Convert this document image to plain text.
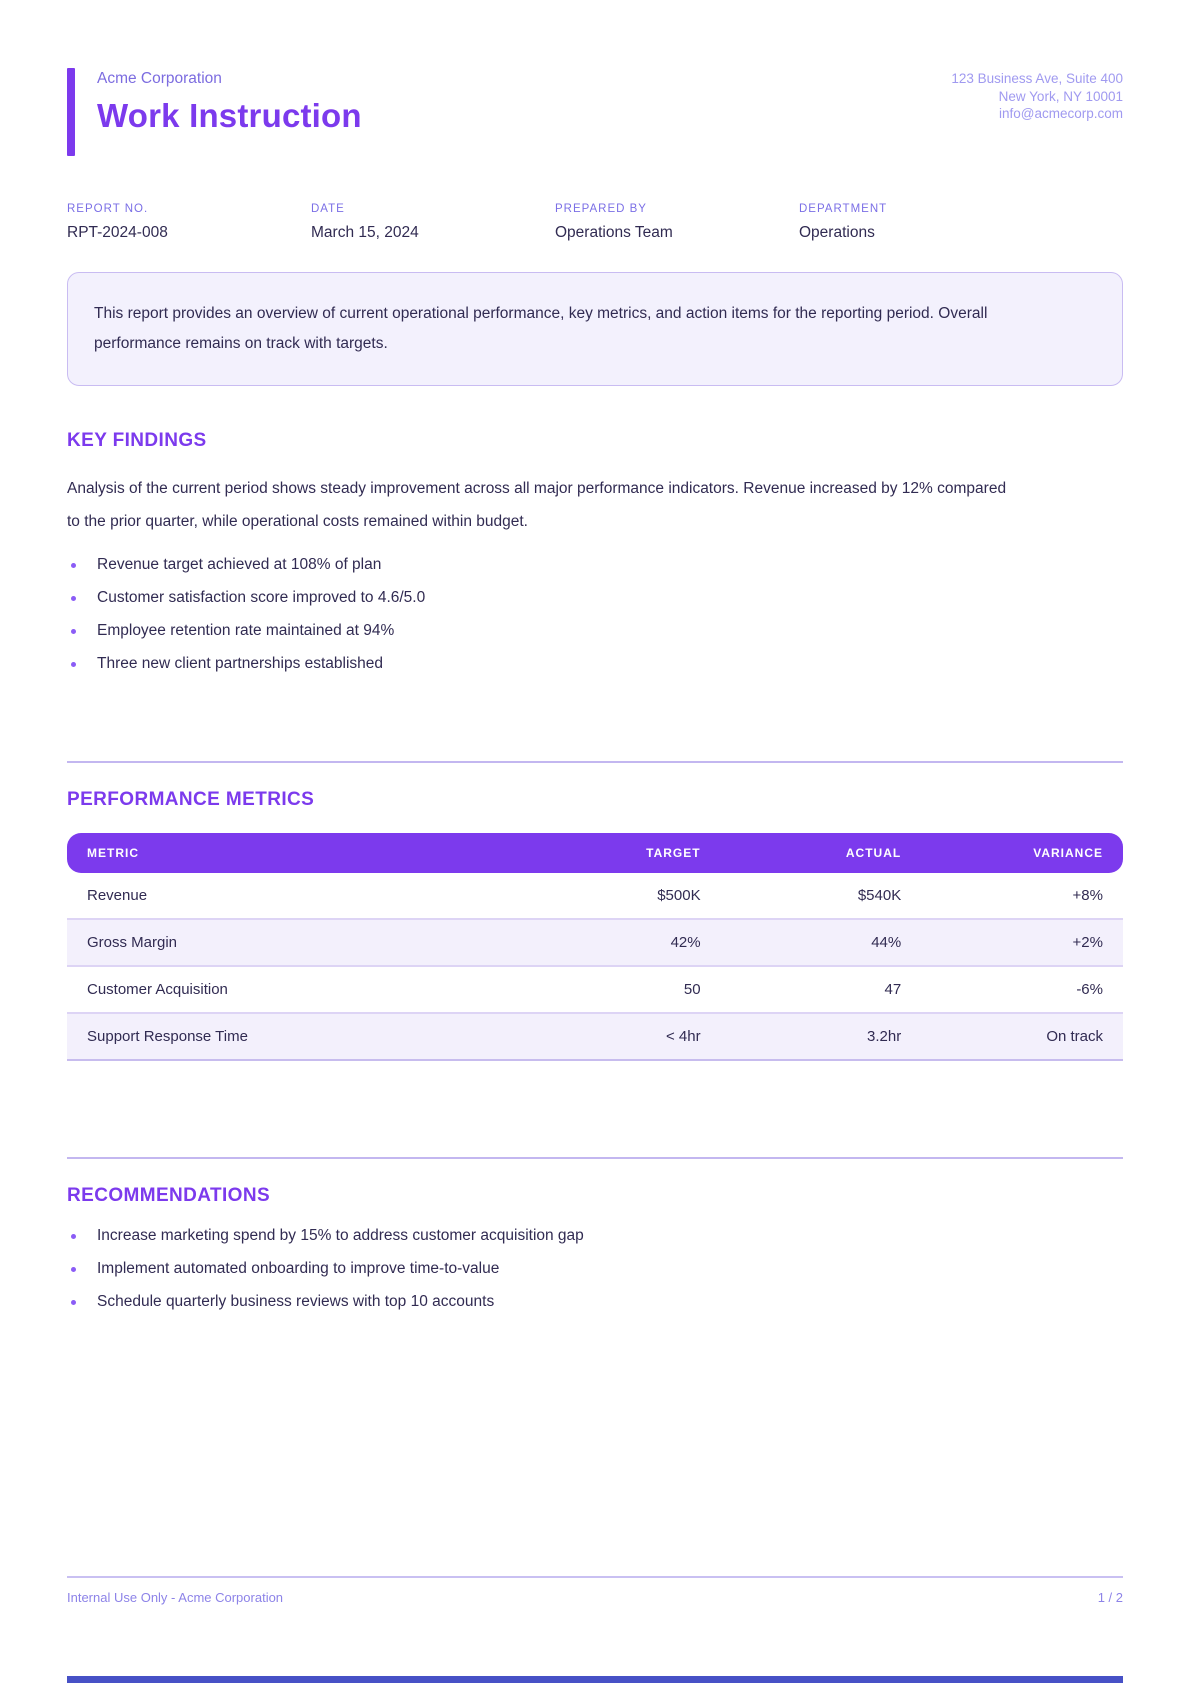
Acme Corporation
Work Instruction
123 Business Ave, Suite 400
New York, NY 10001
info@acmecorp.com
REPORT NO.
RPT-2024-008
DATE
March 15, 2024
PREPARED BY
Operations Team
DEPARTMENT
Operations

This report provides an overview of current operational performance, key metrics, and action items for the reporting period. Overall performance remains on track with targets.

KEY FINDINGS

Analysis of the current period shows steady improvement across all major performance indicators. Revenue increased by 12% compared to the prior quarter, while operational costs remained within budget.

Revenue target achieved at 108% of plan
Customer satisfaction score improved to 4.6/5.0
Employee retention rate maintained at 94%
Three new client partnerships established
PERFORMANCE METRICS
METRIC	TARGET	ACTUAL	VARIANCE
Revenue	$500K	$540K	+8%
Gross Margin	42%	44%	+2%
Customer Acquisition	50	47	-6%
Support Response Time	< 4hr	3.2hr	On track
RECOMMENDATIONS
Increase marketing spend by 15% to address customer acquisition gap
Implement automated onboarding to improve time-to-value
Schedule quarterly business reviews with top 10 accounts
Internal Use Only - Acme Corporation	1 / 2
